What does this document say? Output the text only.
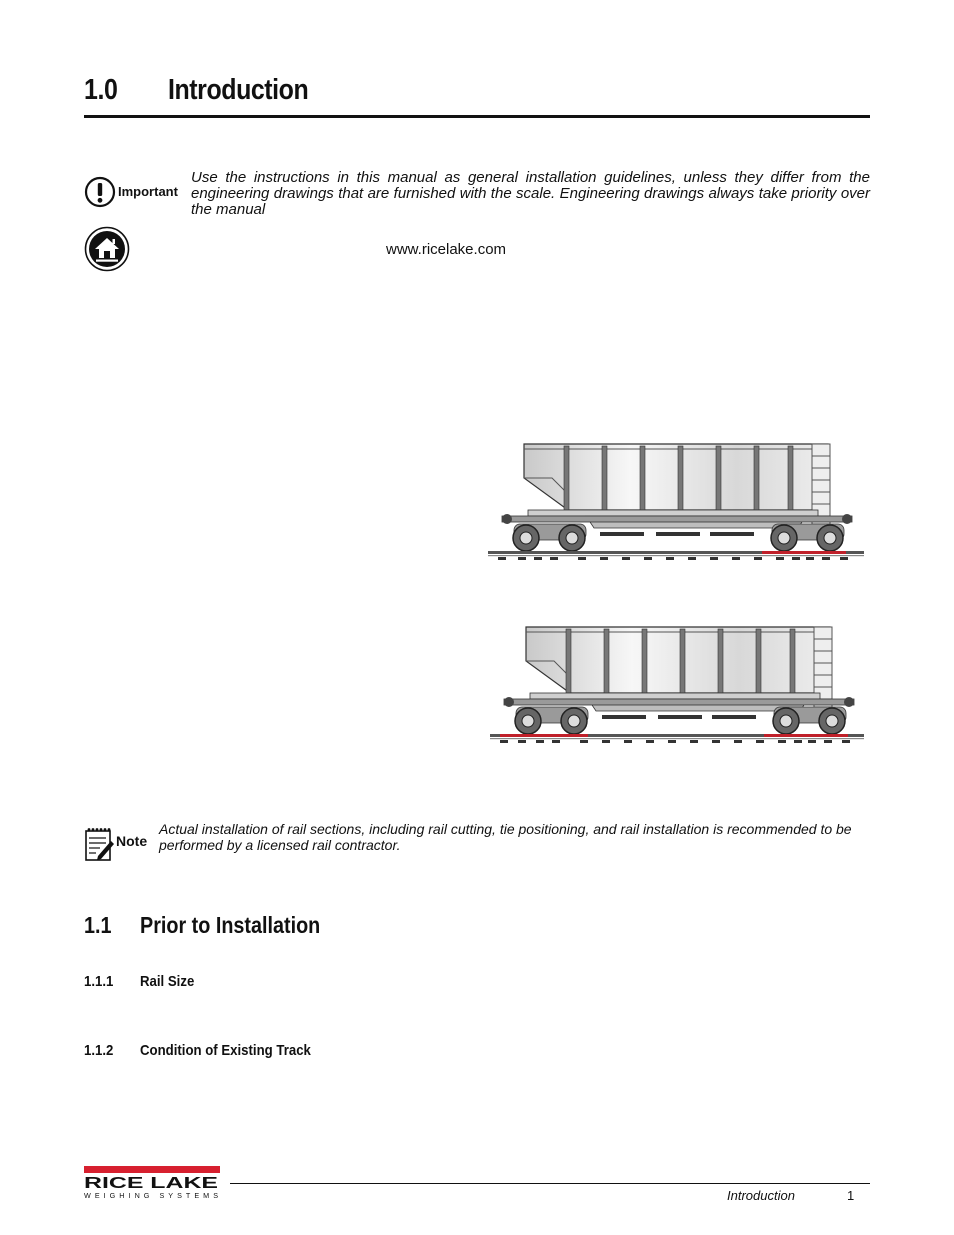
1.0 Introduction
Important
Use the instructions in this manual as general installation guidelines, unless they differ from the engineering drawings that are furnished with the scale. Engineering drawings always take priority over the manual
www.ricelake.com
Note
Actual installation of rail sections, including rail cutting, tie positioning, and rail installation is recommended to be performed by a licensed rail contractor.
1.1 Prior to Installation
1.1.1 Rail Size
1.1.2 Condition of Existing Track
RICE LAKE
WEIGHING SYSTEMS	Introduction	1
